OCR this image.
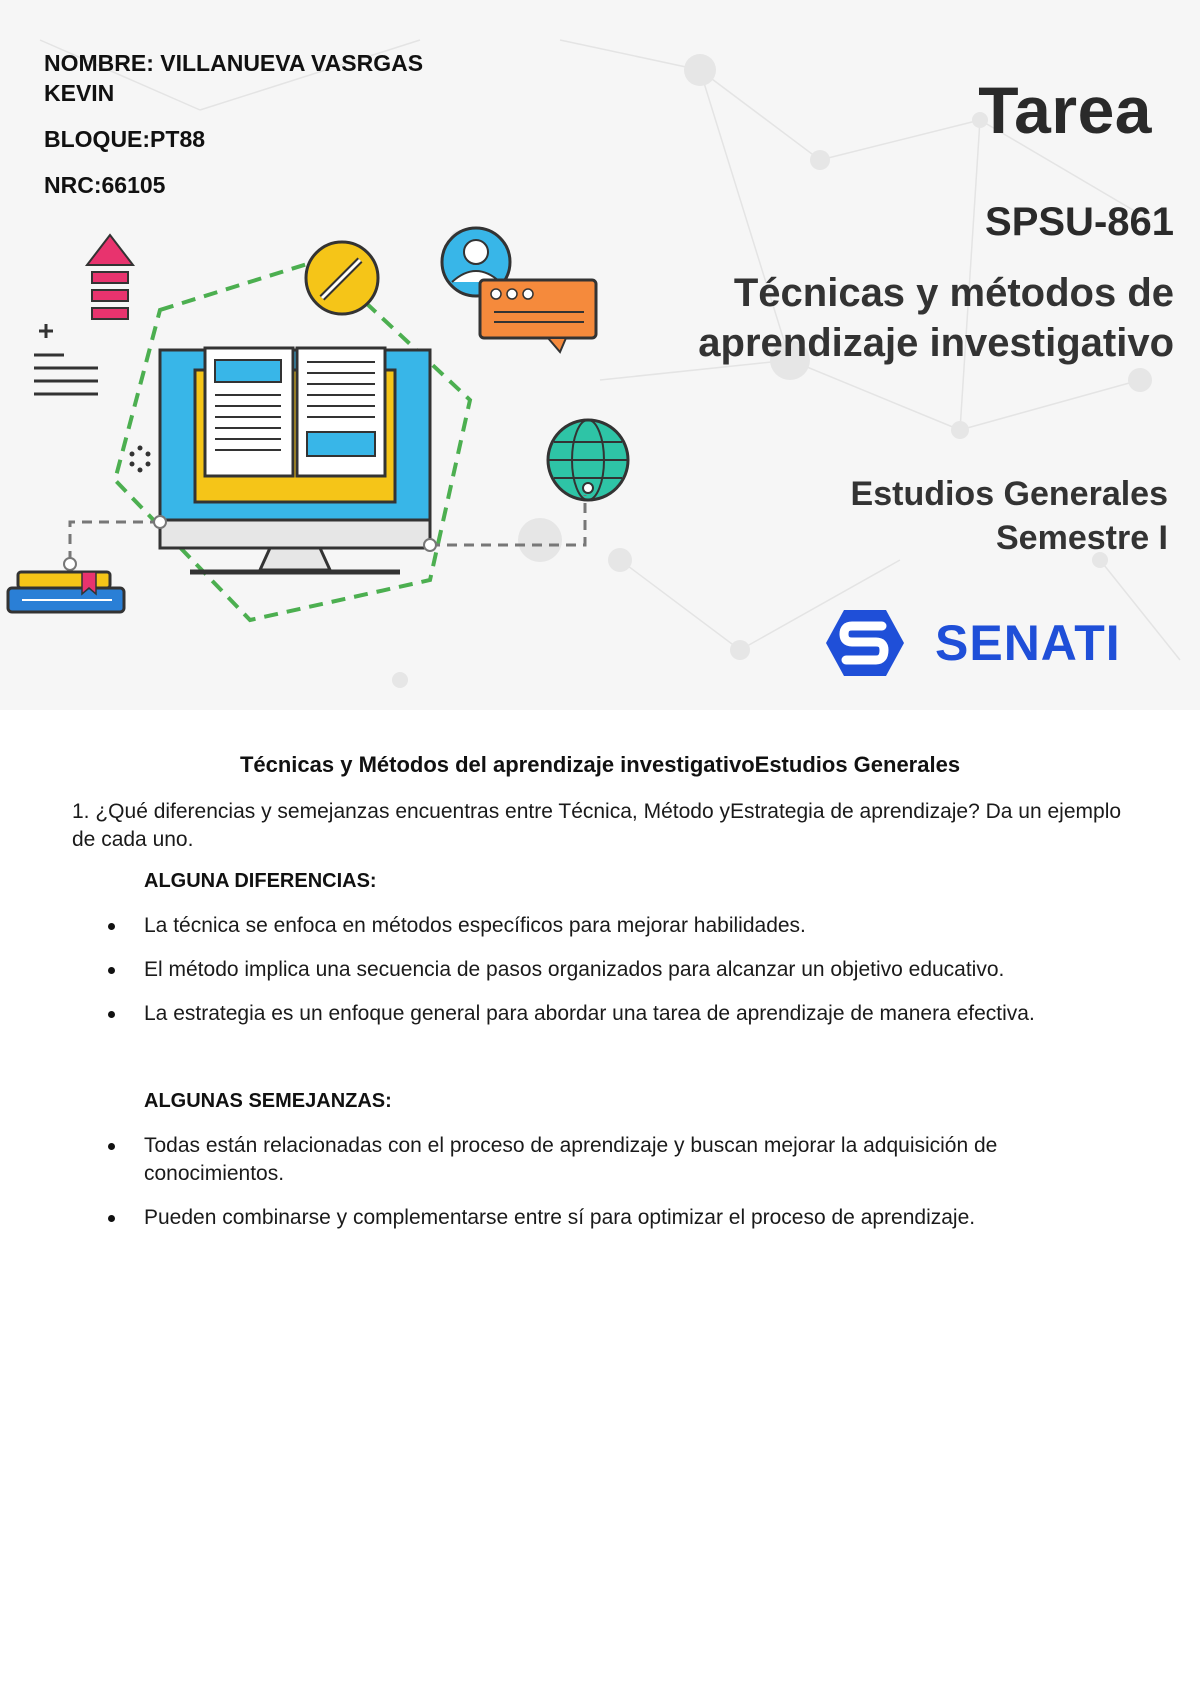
NOMBRE: VILLANUEVA VASRGAS KEVIN

BLOQUE:PT88

NRC:66105

Tarea
SPSU-861
Técnicas y métodos de
aprendizaje investigativo
Estudios Generales
Semestre I
SENATI
Técnicas y Métodos del aprendizaje investigativoEstudios Generales
1. ¿Qué diferencias y semejanzas encuentras entre Técnica, Método yEstrategia de aprendizaje? Da un ejemplo de cada uno.
ALGUNA DIFERENCIAS:
La técnica se enfoca en métodos específicos para mejorar habilidades.
El método implica una secuencia de pasos organizados para alcanzar un objetivo educativo.
La estrategia es un enfoque general para abordar una tarea de aprendizaje de manera efectiva.
ALGUNAS SEMEJANZAS:
Todas están relacionadas con el proceso de aprendizaje y buscan mejorar la adquisición de conocimientos.
Pueden combinarse y complementarse entre sí para optimizar el proceso de aprendizaje.
